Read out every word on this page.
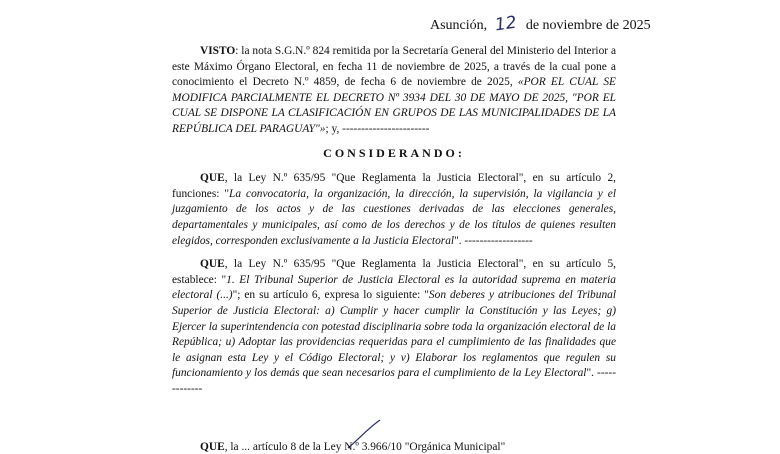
Asunción, 12 de noviembre de 2025

VISTO: la nota S.G.N.º 824 remitida por la Secretaría General del Ministerio del Interior a este Máximo Órgano Electoral, en fecha 11 de noviembre de 2025, a través de la cual pone a conocimiento el Decreto N.º 4859, de fecha 6 de noviembre de 2025, «POR EL CUAL SE MODIFICA PARCIALMENTE EL DECRETO Nº 3934 DEL 30 DE MAYO DE 2025, "POR EL CUAL SE DISPONE LA CLASIFICACIÓN EN GRUPOS DE LAS MUNICIPALIDADES DE LA REPÚBLICA DEL PARAGUAY"»; y, -----------------------

CONSIDERANDO:

QUE, la Ley N.º 635/95 "Que Reglamenta la Justicia Electoral", en su artículo 2, funciones: "La convocatoria, la organización, la dirección, la supervisión, la vigilancia y el juzgamiento de los actos y de las cuestiones derivadas de las elecciones generales, departamentales y municipales, así como de los derechos y de los títulos de quienes resulten elegidos, corresponden exclusivamente a la Justicia Electoral". ------------------

QUE, la Ley N.º 635/95 "Que Reglamenta la Justicia Electoral", en su artículo 5, establece: "1. El Tribunal Superior de Justicia Electoral es la autoridad suprema en materia electoral (...)"; en su artículo 6, expresa lo siguiente: "Son deberes y atribuciones del Tribunal Superior de Justicia Electoral: a) Cumplir y hacer cumplir la Constitución y las Leyes; g) Ejercer la superintendencia con potestad disciplinaria sobre toda la organización electoral de la República; u) Adoptar las providencias requeridas para el cumplimiento de las finalidades que le asignan esta Ley y el Código Electoral; y v) Elaborar los reglamentos que regulen su funcionamiento y los demás que sean necesarios para el cumplimiento de la Ley Electoral". -------------

QUE, la ... artículo 8 de la Ley N.º 3.966/10 "Orgánica Municipal"
